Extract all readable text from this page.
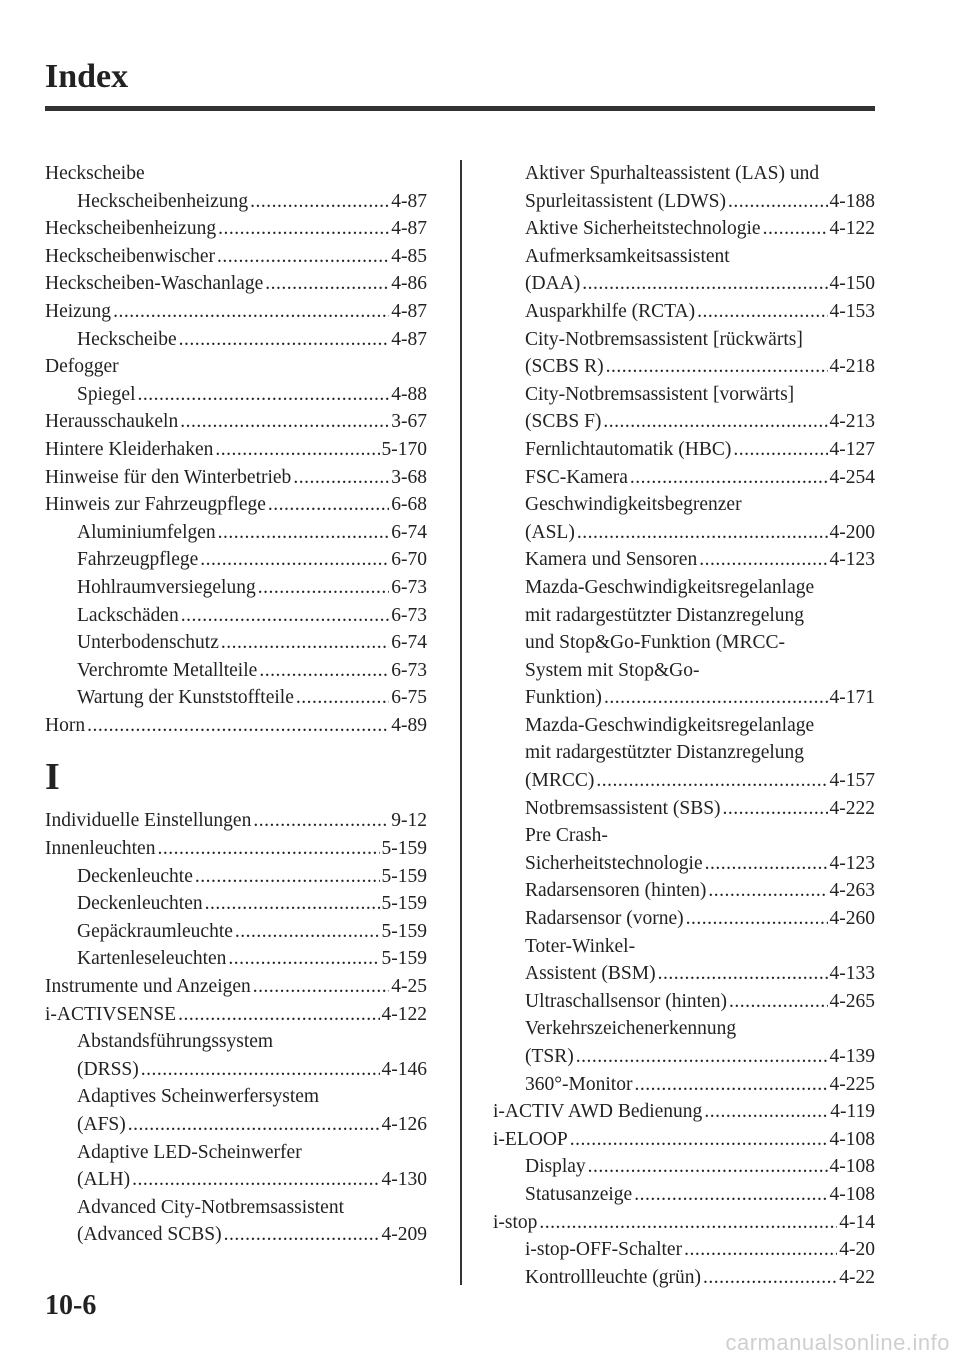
Index
Heckscheibe
Heckscheibenheizung .....	4-87
Heckscheibenheizung .....	4-87
Heckscheibenwischer .....	4-85
Heckscheiben-Waschanlage .....	4-86
Heizung .....	4-87
Heckscheibe .....	4-87
Defogger
Spiegel .....	4-88
Herausschaukeln .....	3-67
Hintere Kleiderhaken .....	5-170
Hinweise für den Winterbetrieb .....	3-68
Hinweis zur Fahrzeugpflege .....	6-68
Aluminiumfelgen .....	6-74
Fahrzeugpflege .....	6-70
Hohlraumversiegelung .....	6-73
Lackschäden .....	6-73
Unterbodenschutz .....	6-74
Verchromte Metallteile .....	6-73
Wartung der Kunststoffteile .....	6-75
Horn .....	4-89
I
Individuelle Einstellungen .....	9-12
Innenleuchten .....	5-159
Deckenleuchte .....	5-159
Deckenleuchten .....	5-159
Gepäckraumleuchte .....	5-159
Kartenleseleuchten .....	5-159
Instrumente und Anzeigen .....	4-25
i-ACTIVSENSE .....	4-122
Abstandsführungssystem
(DRSS) .....	4-146
Adaptives Scheinwerfersystem
(AFS) .....	4-126
Adaptive LED-Scheinwerfer
(ALH) .....	4-130
Advanced City-Notbremsassistent
(Advanced SCBS) .....	4-209
Aktiver Spurhalteassistent (LAS) und
Spurleitassistent (LDWS) .....	4-188
Aktive Sicherheitstechnologie .....	4-122
Aufmerksamkeitsassistent
(DAA) .....	4-150
Ausparkhilfe (RCTA) .....	4-153
City-Notbremsassistent [rückwärts]
(SCBS R) .....	4-218
City-Notbremsassistent [vorwärts]
(SCBS F) .....	4-213
Fernlichtautomatik (HBC) .....	4-127
FSC-Kamera .....	4-254
Geschwindigkeitsbegrenzer
(ASL) .....	4-200
Kamera und Sensoren .....	4-123
Mazda-Geschwindigkeitsregelanlage
mit radargestützter Distanzregelung
und Stop&Go-Funktion (MRCC-
System mit Stop&Go-
Funktion) .....	4-171
Mazda-Geschwindigkeitsregelanlage
mit radargestützter Distanzregelung
(MRCC) .....	4-157
Notbremsassistent (SBS) .....	4-222
Pre Crash-
Sicherheitstechnologie .....	4-123
Radarsensoren (hinten) .....	4-263
Radarsensor (vorne) .....	4-260
Toter-Winkel-
Assistent (BSM) .....	4-133
Ultraschallsensor (hinten) .....	4-265
Verkehrszeichenerkennung
(TSR) .....	4-139
360°-Monitor .....	4-225
i-ACTIV AWD Bedienung .....	4-119
i-ELOOP .....	4-108
Display .....	4-108
Statusanzeige .....	4-108
i-stop .....	4-14
i-stop-OFF-Schalter .....	4-20
Kontrollleuchte (grün) .....	4-22
10-6
carmanualsonline.info
